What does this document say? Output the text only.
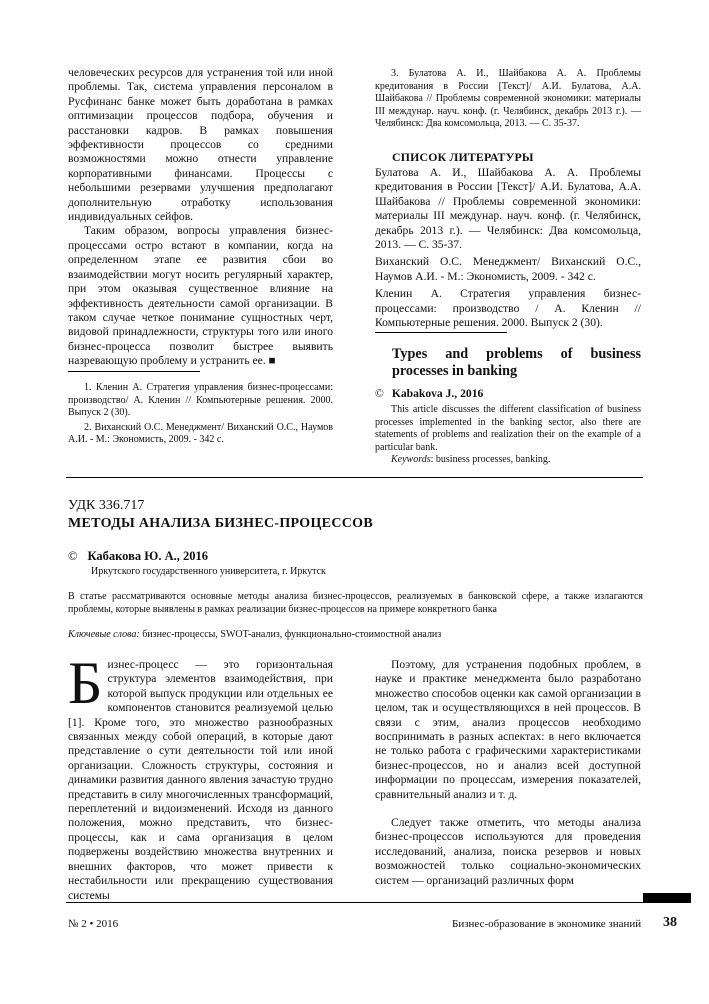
человеческих ресурсов для устранения той или иной проблемы. Так, система управления персоналом в Русфинанс банке может быть доработана в рамках оптимизации процессов подбора, обучения и расстановки кадров. В рамках повышения эффективности процессов со средними возможностями можно отнести управление корпоративными финансами. Процессы с небольшими резервами улучшения предполагают дополнительную отработку использования индивидуальных сейфов.

Таким образом, вопросы управления бизнес-процессами остро встают в компании, когда на определенном этапе ее развития сбои во взаимодействии могут носить регулярный характер, при этом оказывая существенное влияние на эффективность деятельности самой организации. В таком случае четкое понимание сущностных черт, видовой принадлежности, структуры того или иного бизнес-процесса позволит быстрее выявить назревающую проблему и устранить ее. ■

1. Кленин А. Стратегия управления бизнес-процессами: производство/ А. Кленин // Компьютерные решения. 2000. Выпуск 2 (30).

2. Виханский О.С. Менеджмент/ Виханский О.С., Наумов А.И. - М.: Экономисть, 2009. - 342 с.

3. Булатова А. И., Шайбакова А. А. Проблемы кредитования в России [Текст]/ А.И. Булатова, А.А. Шайбакова // Проблемы современной экономики: материалы III междунар. науч. конф. (г. Челябинск, декабрь 2013 г.). — Челябинск: Два комсомольца, 2013. — С. 35-37.

СПИСОК ЛИТЕРАТУРЫ

Булатова А. И., Шайбакова А. А. Проблемы кредитования в России [Текст]/ А.И. Булатова, А.А. Шайбакова // Проблемы современной экономики: материалы III междунар. науч. конф. (г. Челябинск, декабрь 2013 г.). — Челябинск: Два комсомольца, 2013. — С. 35-37.

Виханский О.С. Менеджмент/ Виханский О.С., Наумов А.И. - М.: Экономисть, 2009. - 342 с.

Кленин А. Стратегия управления бизнес-процессами: производство / А. Кленин // Компьютерные решения. 2000. Выпуск 2 (30).

Types and problems of business processes in banking
© Kabakova J., 2016

This article discusses the different classification of business processes implemented in the banking sector, also there are statements of problems and realization their on the example of a particular bank.

Keywords: business processes, banking.

УДК 336.717
МЕТОДЫ АНАЛИЗА БИЗНЕС-ПРОЦЕССОВ
© Кабакова Ю. А., 2016
Иркутского государственного университета, г. Иркутск
В статье рассматриваются основные методы анализа бизнес-процессов, реализуемых в банковской сфере, а также излагаются проблемы, которые выявлены в рамках реализации бизнес-процессов на примере конкретного банка
Ключевые слова: бизнес-процессы, SWOT-анализ, функционально-стоимостной анализ
Бизнес-процесс — это горизонтальная структура элементов взаимодействия, при которой выпуск продукции или отдельных ее компонентов становится реализуемой целью [1]. Кроме того, это множество разнообразных связанных между собой операций, в которые дают представление о сути деятельности той или иной организации. Сложность структуры, состояния и динамики развития данного явления зачастую трудно представить в силу многочисленных трансформаций, переплетений и видоизменений. Исходя из данного положения, можно представить, что бизнес-процессы, как и сама организация в целом подвержены воздействию множества внутренних и внешних факторов, что может привести к нестабильности или прекращению существования системы

Поэтому, для устранения подобных проблем, в науке и практике менеджмента было разработано множество способов оценки как самой организации в целом, так и осуществляющихся в ней процессов. В связи с этим, анализ процессов необходимо воспринимать в разных аспектах: в него включается не только работа с графическими характеристиками бизнес-процессов, но и анализ всей доступной информации по процессам, измерения показателей, сравнительный анализ и т. д.

Следует также отметить, что методы анализа бизнес-процессов используются для проведения исследований, анализа, поиска резервов и новых возможностей только социально-экономических систем — организаций различных форм

№ 2 • 2016	Бизнес-образование в экономике знаний 38
